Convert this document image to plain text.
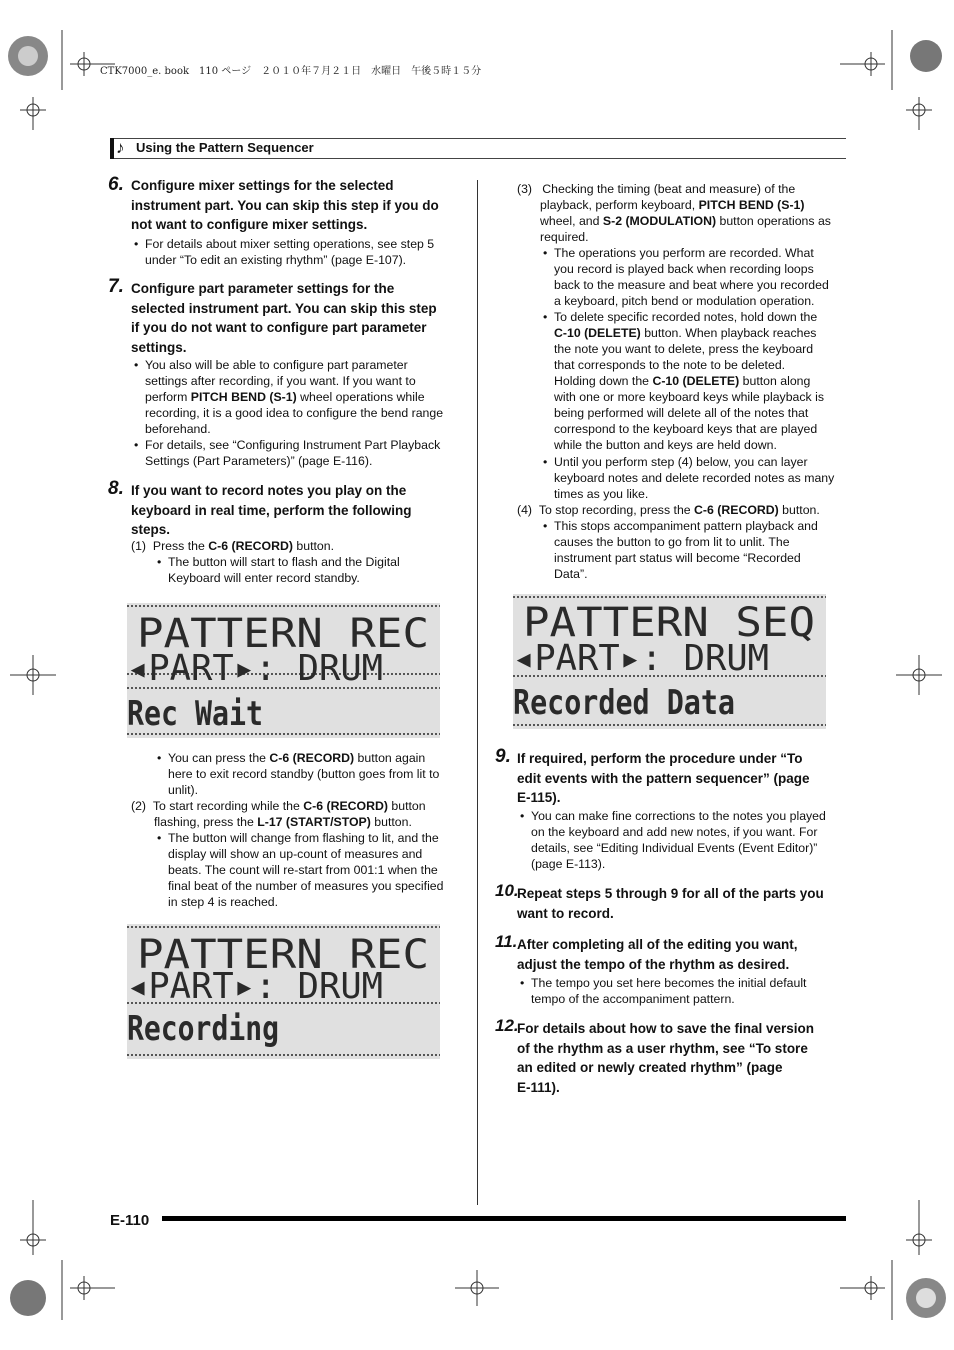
CTK7000_e. book　110 ページ　２０１０年７月２１日　水曜日　午後５時１５分
♪ Using the Pattern Sequencer
6. Configure mixer settings for the selected
instrument part. You can skip this step if you do
not want to configure mixer settings.
• For details about mixer setting operations, see step 5
under “To edit an existing rhythm” (page E-107).
7. Configure part parameter settings for the
selected instrument part. You can skip this step
if you do not want to configure part parameter
settings.
• You also will be able to configure part parameter
settings after recording, if you want. If you want to
perform PITCH BEND (S-1) wheel operations while
recording, it is a good idea to configure the bend range
beforehand.
• For details, see “Configuring Instrument Part Playback
Settings (Part Parameters)” (page E-116).
8. If you want to record notes you play on the
keyboard in real time, perform the following
steps.
(1) Press the C-6 (RECORD) button.
• The button will start to flash and the Digital
Keyboard will enter record standby.
PATTERN REC
◂PART▸: DRUM
Rec Wait
• You can press the C-6 (RECORD) button again
here to exit record standby (button goes from lit to
unlit).
(2) To start recording while the C-6 (RECORD) button
flashing, press the L-17 (START/STOP) button.
• The button will change from flashing to lit, and the
display will show an up-count of measures and
beats. The count will re-start from 001:1 when the
final beat of the number of measures you specified
in step 4 is reached.
PATTERN REC
◂PART▸: DRUM
Recording
(3) Checking the timing (beat and measure) of the
playback, perform keyboard, PITCH BEND (S-1)
wheel, and S-2 (MODULATION) button operations as
required.
• The operations you perform are recorded. What
you record is played back when recording loops
back to the measure and beat where you recorded
a keyboard, pitch bend or modulation operation.
• To delete specific recorded notes, hold down the
C-10 (DELETE) button. When playback reaches
the note you want to delete, press the keyboard
that corresponds to the note to be deleted.
Holding down the C-10 (DELETE) button along
with one or more keyboard keys while playback is
being performed will delete all of the notes that
correspond to the keyboard keys that are played
while the button and keys are held down.
• Until you perform step (4) below, you can layer
keyboard notes and delete recorded notes as many
times as you like.
(4) To stop recording, press the C-6 (RECORD) button.
• This stops accompaniment pattern playback and
causes the button to go from lit to unlit. The
instrument part status will become “Recorded
Data”.
PATTERN SEQ
◂PART▸: DRUM
Recorded Data
9. If required, perform the procedure under “To
edit events with the pattern sequencer” (page
E-115).
• You can make fine corrections to the notes you played
on the keyboard and add new notes, if you want. For
details, see “Editing Individual Events (Event Editor)”
(page E-113).
10.
Repeat steps 5 through 9 for all of the parts you
want to record.
11. After completing all of the editing you want,
adjust the tempo of the rhythm as desired.
• The tempo you set here becomes the initial default
tempo of the accompaniment pattern.
12.
For details about how to save the final version
of the rhythm as a user rhythm, see “To store
an edited or newly created rhythm” (page
E-111).
E-110
